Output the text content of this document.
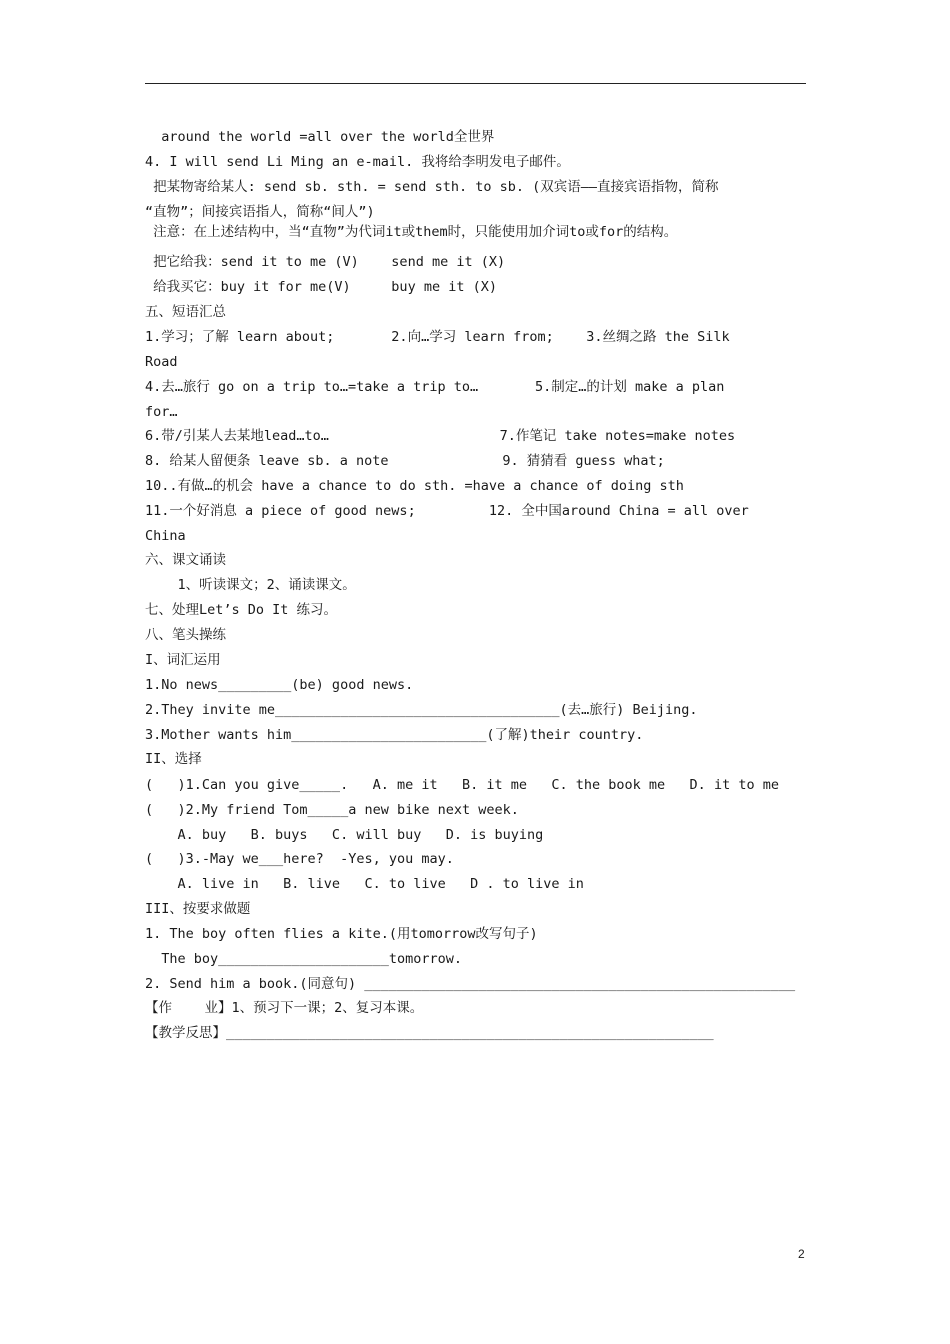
around the world =all over the world全世界
4. I will send Li Ming an e-mail. 我将给李明发电子邮件。
把某物寄给某人: send sb. sth. = send sth. to sb. (双宾语——直接宾语指物，简称
“直物”；间接宾语指人，简称“间人”)
注意：在上述结构中，当“直物”为代词it或them时，只能使用加介词to或for的结构。
把它给我：send it to me (V)    send me it (X)
给我买它：buy it for me(V)     buy me it (X)
五、短语汇总
1.学习；了解 learn about;       2.向…学习 learn from;    3.丝绸之路 the Silk
Road
4.去…旅行 go on a trip to…=take a trip to…       5.制定…的计划 make a plan
for…
6.带/引某人去某地lead…to…                     7.作笔记 take notes=make notes
8. 给某人留便条 leave sb. a note              9. 猜猜看 guess what;
10..有做…的机会 have a chance to do sth. =have a chance of doing sth
11.一个好消息 a piece of good news;         12. 全中国around China = all over
China
六、课文诵读
1、听读课文；2、诵读课文。
七、处理Let’s Do It 练习。
八、笔头操练
I、词汇运用
1.No news_________(be) good news.
2.They invite me___________________________________(去…旅行) Beijing.
3.Mother wants him________________________(了解)their country.
II、选择
(   )1.Can you give_____.   A. me it   B. it me   C. the book me   D. it to me
(   )2.My friend Tom_____a new bike next week.
A. buy   B. buys   C. will buy   D. is buying
(   )3.-May we___here?  -Yes, you may.
A. live in   B. live   C. to live   D . to live in
III、按要求做题
1. The boy often flies a kite.(用tomorrow改写句子)
The boy_____________________tomorrow.
2. Send him a book.(同意句) _____________________________________________________
【作    业】1、预习下一课；2、复习本课。
【教学反思】____________________________________________________________
2
